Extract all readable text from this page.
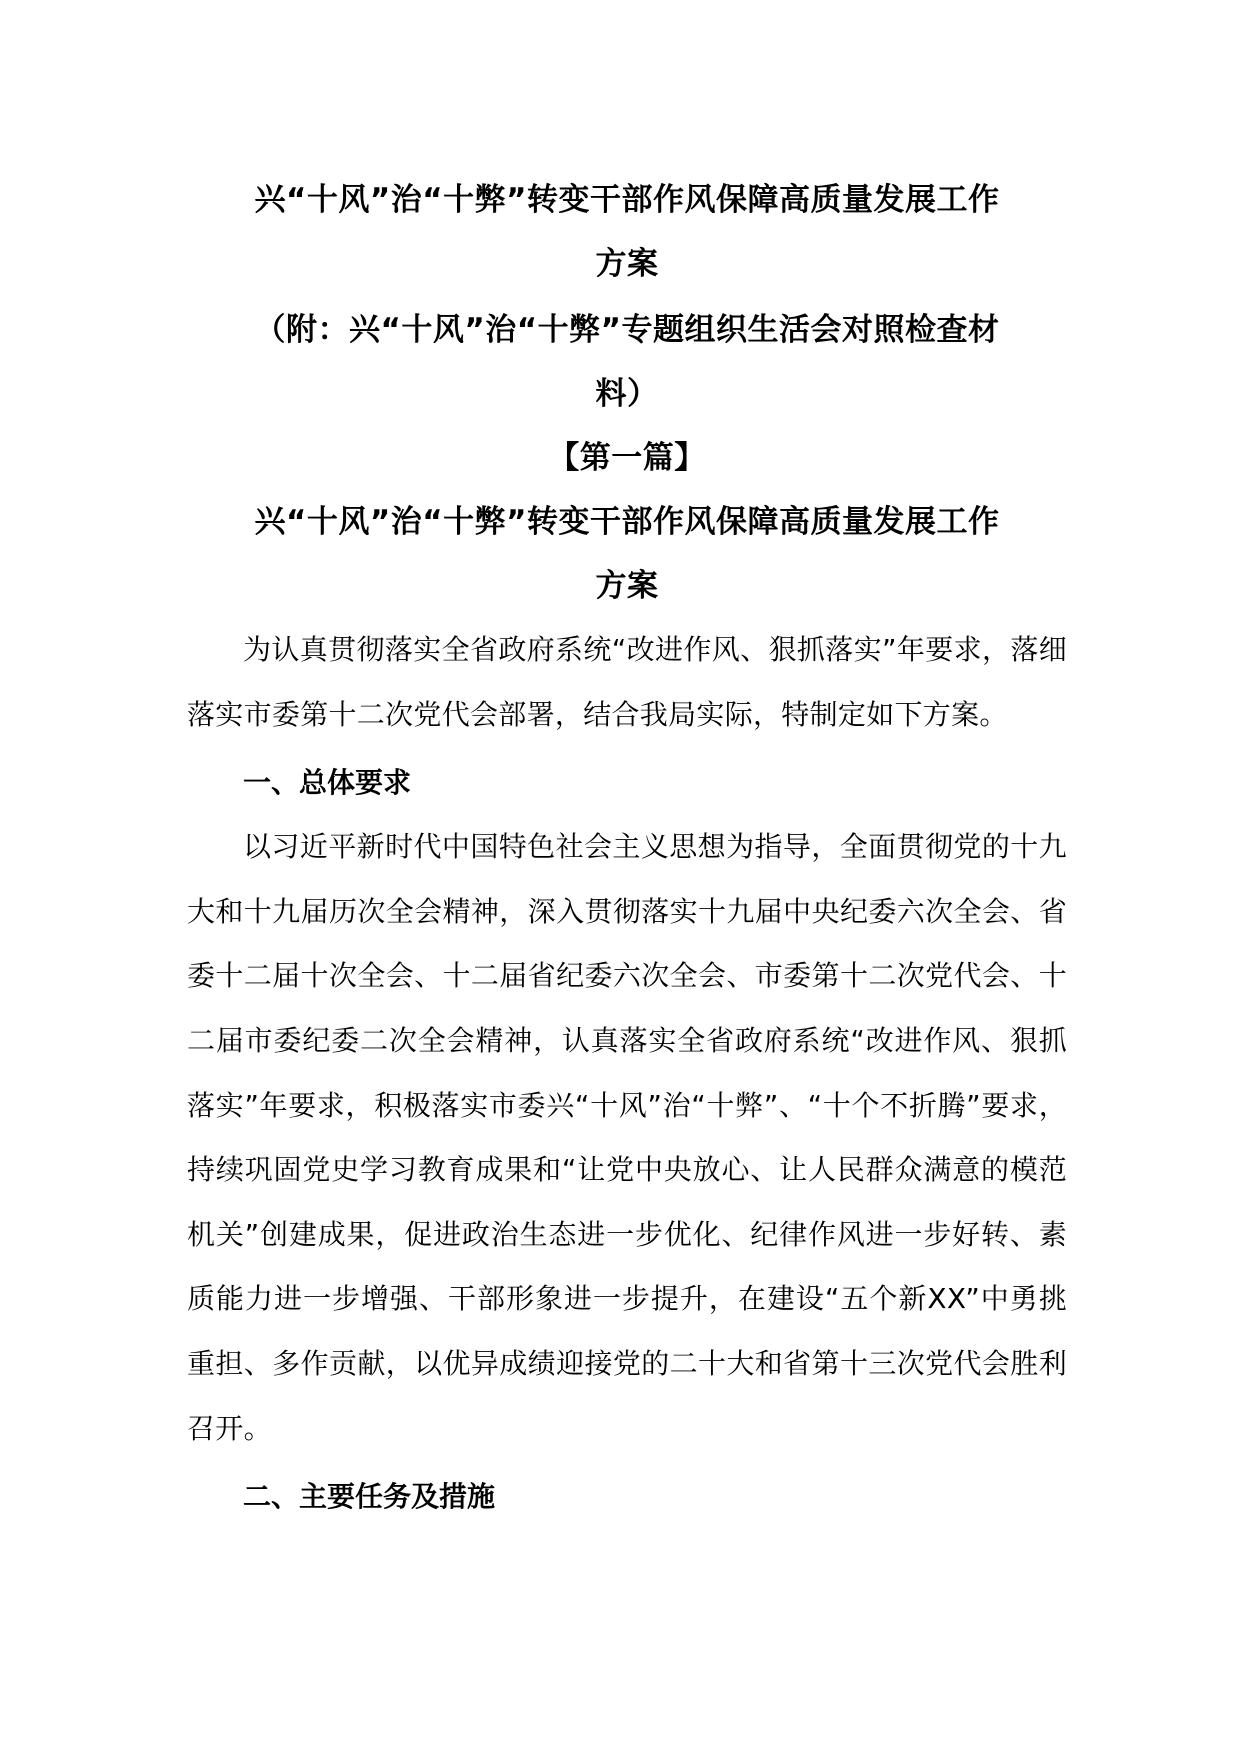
兴“十风”治“十弊”转变干部作风保障高质量发展工作

方案

（附：兴“十风”治“十弊”专题组织生活会对照检查材

料）

【第一篇】

兴“十风”治“十弊”转变干部作风保障高质量发展工作

方案

为认真贯彻落实全省政府系统“改进作风、狠抓落实”年要求，落细落实市委第十二次党代会部署，结合我局实际，特制定如下方案。

一、总体要求

以习近平新时代中国特色社会主义思想为指导，全面贯彻党的十九大和十九届历次全会精神，深入贯彻落实十九届中央纪委六次全会、省委十二届十次全会、十二届省纪委六次全会、市委第十二次党代会、十二届市委纪委二次全会精神，认真落实全省政府系统“改进作风、狠抓落实”年要求，积极落实市委兴“十风”治“十弊”、“十个不折腾”要求，持续巩固党史学习教育成果和“让党中央放心、让人民群众满意的模范机关”创建成果，促进政治生态进一步优化、纪律作风进一步好转、素质能力进一步增强、干部形象进一步提升，在建设“五个新XX”中勇挑重担、多作贡献，以优异成绩迎接党的二十大和省第十三次党代会胜利召开。

二、主要任务及措施
